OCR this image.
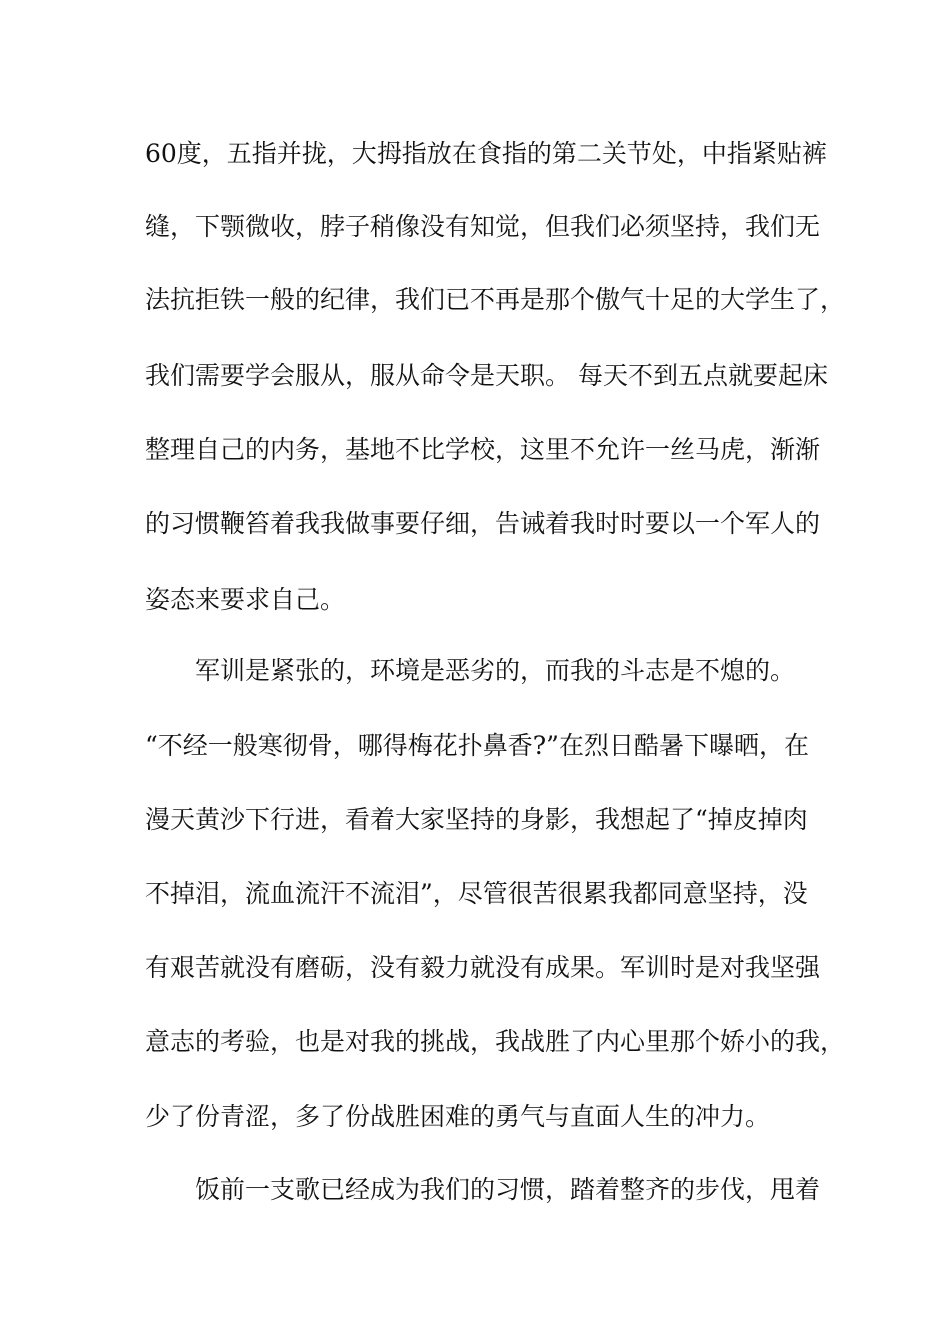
60度，五指并拢，大拇指放在食指的第二关节处，中指紧贴裤
缝，下颚微收，脖子稍像没有知觉，但我们必须坚持，我们无
法抗拒铁一般的纪律，我们已不再是那个傲气十足的大学生了，
我们需要学会服从，服从命令是天职。 每天不到五点就要起床
整理自己的内务，基地不比学校，这里不允许一丝马虎，渐渐
的习惯鞭笞着我我做事要仔细，告诫着我时时要以一个军人的
姿态来要求自己。
军训是紧张的，环境是恶劣的，而我的斗志是不熄的。
“不经一般寒彻骨，哪得梅花扑鼻香?”在烈日酷暑下曝晒，在
漫天黄沙下行进，看着大家坚持的身影，我想起了“掉皮掉肉
不掉泪，流血流汗不流泪”，尽管很苦很累我都同意坚持，没
有艰苦就没有磨砺，没有毅力就没有成果。军训时是对我坚强
意志的考验，也是对我的挑战，我战胜了内心里那个娇小的我，
少了份青涩，多了份战胜困难的勇气与直面人生的冲力。
饭前一支歌已经成为我们的习惯，踏着整齐的步伐，甩着
